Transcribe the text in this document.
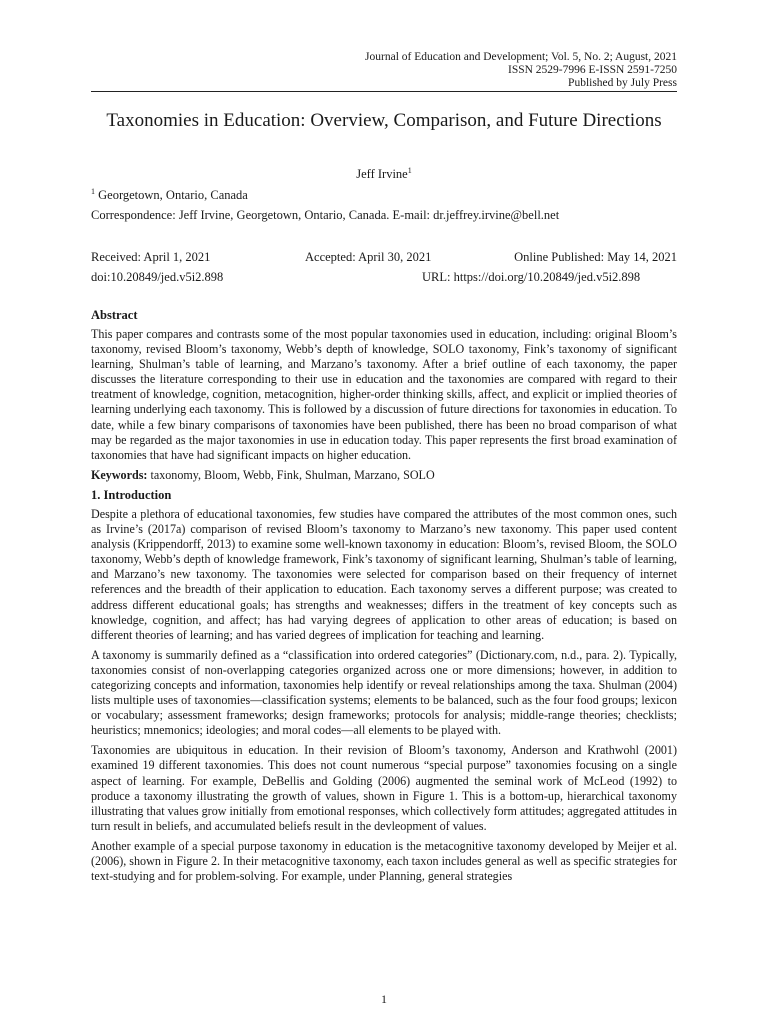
Journal of Education and Development; Vol. 5, No. 2; August, 2021
ISSN 2529-7996 E-ISSN 2591-7250
Published by July Press
Taxonomies in Education: Overview, Comparison, and Future Directions
Jeff Irvine$^1$
$^1$ Georgetown, Ontario, Canada
Correspondence: Jeff Irvine, Georgetown, Ontario, Canada. E-mail: dr.jeffrey.irvine@bell.net
Received: April 1, 2021	Accepted: April 30, 2021	Online Published: May 14, 2021
doi:10.20849/jed.v5i2.898	URL: https://doi.org/10.20849/jed.v5i2.898
Abstract

This paper compares and contrasts some of the most popular taxonomies used in education, including: original Bloom’s taxonomy, revised Bloom’s taxonomy, Webb’s depth of knowledge, SOLO taxonomy, Fink’s taxonomy of significant learning, Shulman’s table of learning, and Marzano’s taxonomy. After a brief outline of each taxonomy, the paper discusses the literature corresponding to their use in education and the taxonomies are compared with regard to their treatment of knowledge, cognition, metacognition, higher-order thinking skills, affect, and explicit or implied theories of learning underlying each taxonomy. This is followed by a discussion of future directions for taxonomies in education. To date, while a few binary comparisons of taxonomies have been published, there has been no broad comparison of what may be regarded as the major taxonomies in use in education today. This paper represents the first broad examination of taxonomies that have had significant impacts on higher education.

Keywords: taxonomy, Bloom, Webb, Fink, Shulman, Marzano, SOLO

1. Introduction

Despite a plethora of educational taxonomies, few studies have compared the attributes of the most common ones, such as Irvine’s (2017a) comparison of revised Bloom’s taxonomy to Marzano’s new taxonomy. This paper used content analysis (Krippendorff, 2013) to examine some well-known taxonomy in education: Bloom’s, revised Bloom, the SOLO taxonomy, Webb’s depth of knowledge framework, Fink’s taxonomy of significant learning, Shulman’s table of learning, and Marzano’s new taxonomy. The taxonomies were selected for comparison based on their frequency of internet references and the breadth of their application to education. Each taxonomy serves a different purpose; was created to address different educational goals; has strengths and weaknesses; differs in the treatment of key concepts such as knowledge, cognition, and affect; has had varying degrees of application to other areas of education; is based on different theories of learning; and has varied degrees of implication for teaching and learning.

A taxonomy is summarily defined as a “classification into ordered categories” (Dictionary.com, n.d., para. 2). Typically, taxonomies consist of non-overlapping categories organized across one or more dimensions; however, in addition to categorizing concepts and information, taxonomies help identify or reveal relationships among the taxa. Shulman (2004) lists multiple uses of taxonomies—classification systems; elements to be balanced, such as the four food groups; lexicon or vocabulary; assessment frameworks; design frameworks; protocols for analysis; middle-range theories; checklists; heuristics; mnemonics; ideologies; and moral codes—all elements to be played with.

Taxonomies are ubiquitous in education. In their revision of Bloom’s taxonomy, Anderson and Krathwohl (2001) examined 19 different taxonomies. This does not count numerous “special purpose” taxonomies focusing on a single aspect of learning. For example, DeBellis and Golding (2006) augmented the seminal work of McLeod (1992) to produce a taxonomy illustrating the growth of values, shown in Figure 1. This is a bottom-up, hierarchical taxonomy illustrating that values grow initially from emotional responses, which collectively form attitudes; aggregated attitudes in turn result in beliefs, and accumulated beliefs result in the devleopment of values.

Another example of a special purpose taxonomy in education is the metacognitive taxonomy developed by Meijer et al. (2006), shown in Figure 2. In their metacognitive taxonomy, each taxon includes general as well as specific strategies for text-studying and for problem-solving. For example, under Planning, general strategies

1
